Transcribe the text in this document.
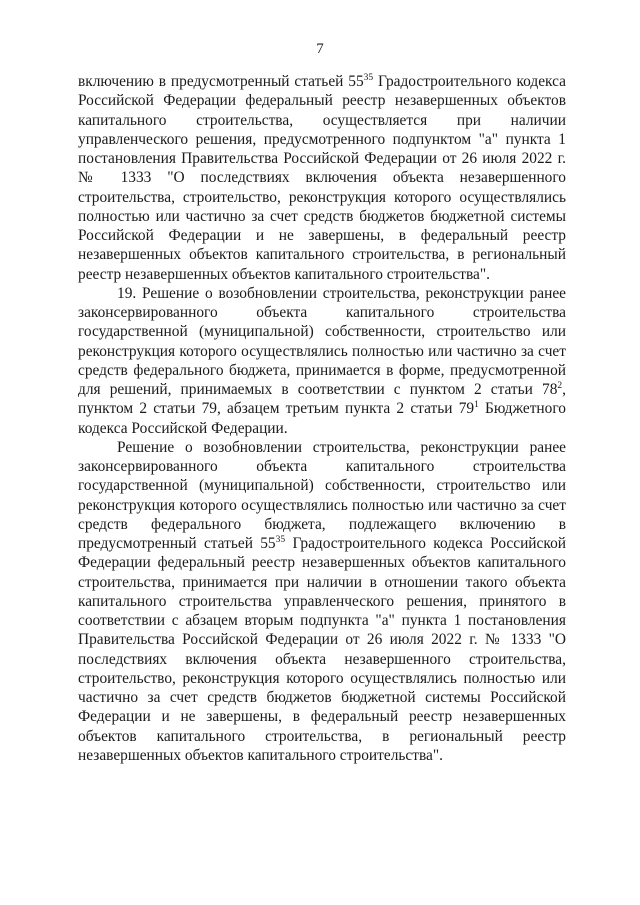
7

включению в предусмотренный статьей $55^{35}$ Градостроительного кодекса Российской Федерации федеральный реестр незавершенных объектов капитального строительства, осуществляется при наличии управленческого решения, предусмотренного подпунктом "а" пункта 1 постановления Правительства Российской Федерации от 26 июля 2022 г. № 1333 "О последствиях включения объекта незавершенного строительства, строительство, реконструкция которого осуществлялись полностью или частично за счет средств бюджетов бюджетной системы Российской Федерации и не завершены, в федеральный реестр незавершенных объектов капитального строительства, в региональный реестр незавершенных объектов капитального строительства".

19. Решение о возобновлении строительства, реконструкции ранее законсервированного объекта капитального строительства государственной (муниципальной) собственности, строительство или реконструкция которого осуществлялись полностью или частично за счет средств федерального бюджета, принимается в форме, предусмотренной для решений, принимаемых в соответствии с пунктом 2 статьи $78^2$, пунктом 2 статьи 79, абзацем третьим пункта 2 статьи $79^1$ Бюджетного кодекса Российской Федерации.

Решение о возобновлении строительства, реконструкции ранее законсервированного объекта капитального строительства государственной (муниципальной) собственности, строительство или реконструкция которого осуществлялись полностью или частично за счет средств федерального бюджета, подлежащего включению в предусмотренный статьей $55^{35}$ Градостроительного кодекса Российской Федерации федеральный реестр незавершенных объектов капитального строительства, принимается при наличии в отношении такого объекта капитального строительства управленческого решения, принятого в соответствии с абзацем вторым подпункта "а" пункта 1 постановления Правительства Российской Федерации от 26 июля 2022 г. № 1333 "О последствиях включения объекта незавершенного строительства, строительство, реконструкция которого осуществлялись полностью или частично за счет средств бюджетов бюджетной системы Российской Федерации и не завершены, в федеральный реестр незавершенных объектов капитального строительства, в региональный реестр незавершенных объектов капитального строительства".
